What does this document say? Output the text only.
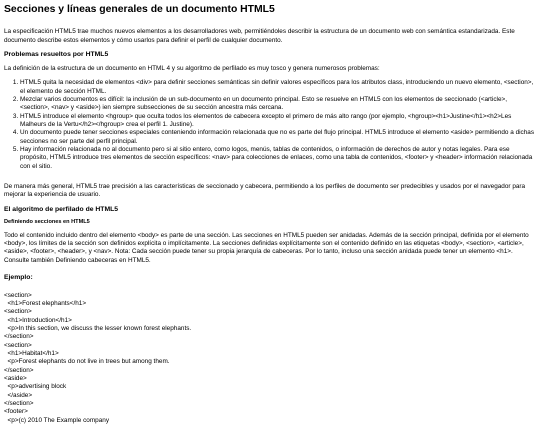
Secciones y líneas generales de un documento HTML5

La especificación HTML5 trae muchos nuevos elementos a los desarrolladores web, permitiéndoles describir la estructura de un documento web con semántica estandarizada. Este documento describe estos elementos y cómo usarlos para definir el perfil de cualquier documento.

Problemas resueltos por HTML5

La definición de la estructura de un documento en HTML 4 y su algoritmo de perfilado es muy tosco y genera numerosos problemas:

1. HTML5 quita la necesidad de elementos <div> para definir secciones semánticas sin definir valores específicos para los atributos class, introduciendo un nuevo elemento, <section>, el elemento de sección HTML.
2. Mezclar varios documentos es difícil: la inclusión de un sub-documento en un documento principal. Esto se resuelve en HTML5 con los elementos de seccionado (<article>, <section>, <nav> y <aside>) ien siempre subsecciones de su sección ancestra más cercana.
3. HTML5 introduce el elemento <hgroup> que oculta todos los elementos de cabecera excepto el primero de más alto rango (por ejemplo, <hgroup><h1>Justine</h1><h2>Les Malheurs de la Vertu</h2></hgroup> crea el perfil 1. Justine).
4. Un documento puede tener secciones especiales conteniendo información relacionada que no es parte del flujo principal. HTML5 introduce el elemento <aside> permitiendo a dichas secciones no ser parte del perfil principal.
5. Hay información relacionada no al documento pero si al sitio entero, como logos, menús, tablas de contenidos, o información de derechos de autor y notas legales. Para ese propósito, HTML5 introduce tres elementos de sección específicos: <nav> para colecciones de enlaces, como una tabla de contenidos, <footer> y <header> información relacionada con el sitio.

De manera más general, HTML5 trae precisión a las características de seccionado y cabecera, permitiendo a los perfiles de documento ser predecibles y usados por el navegador para mejorar la experiencia de usuario.

El algoritmo de perfilado de HTML5
Definiendo secciones en HTML5

Todo el contenido incluido dentro del elemento <body> es parte de una sección. Las secciones en HTML5 pueden ser anidadas. Además de la sección principal, definida por el elemento <body>, los límites de la sección son definidos explícita o implícitamente. La secciones definidas explícitamente son el contenido definido en las etiquetas <body>, <section>, <article>, <aside>, <footer>, <header>, y <nav>. Nota: Cada sección puede tener su propia jerarquía de cabeceras. Por lo tanto, incluso una sección anidada puede tener un elemento <h1>. Consulte también Definiendo cabeceras en HTML5.

Ejemplo:
<section>
<h1>Forest elephants</h1>
<section>
<h1>Introduction</h1>
<p>In this section, we discuss the lesser known forest elephants.
</section>
<section>
<h1>Habitat</h1>
<p>Forest elephants do not live in trees but among them.
</section>
<aside>
<p>advertising block
</aside>
</section>
<footer>
<p>(c) 2010 The Example company
